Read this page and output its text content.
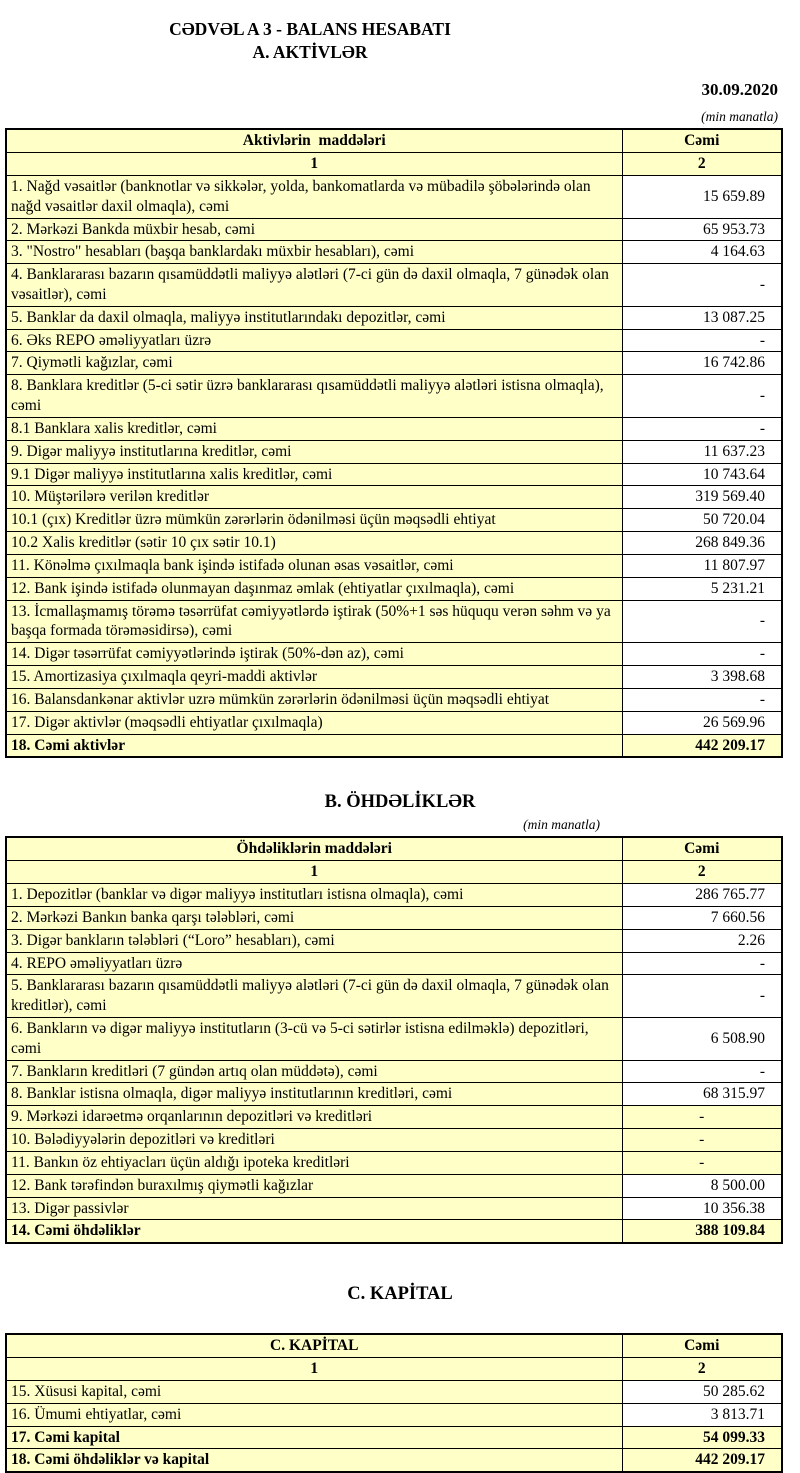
CƏDVƏL A 3 - BALANS HESABATI
A. AKTİVLƏR
30.09.2020
(min manatla)
Aktivlərin  maddələri	Cəmi
1	2
1. Nağd vəsaitlər (banknotlar və sikkələr, yolda, bankomatlarda və mübadilə şöbələrində olan nağd vəsaitlər daxil olmaqla), cəmi	15 659.89
2. Mərkəzi Bankda müxbir hesab, cəmi	65 953.73
3. "Nostro" hesabları (başqa banklardakı müxbir hesabları), cəmi	4 164.63
4. Banklararası bazarın qısamüddətli maliyyə alətləri (7-ci gün də daxil olmaqla, 7 günədək olan vəsaitlər), cəmi	-
5. Banklar da daxil olmaqla, maliyyə institutlarındakı depozitlər, cəmi	13 087.25
6. Əks REPO əməliyyatları üzrə	-
7. Qiymətli kağızlar, cəmi	16 742.86
8. Banklara kreditlər (5-ci sətir üzrə banklararası qısamüddətli maliyyə alətləri istisna olmaqla), cəmi	-
8.1 Banklara xalis kreditlər, cəmi	-
9. Digər maliyyə institutlarına kreditlər, cəmi	11 637.23
9.1 Digər maliyyə institutlarına xalis kreditlər, cəmi	10 743.64
10. Müştərilərə verilən kreditlər	319 569.40
10.1 (çıx) Kreditlər üzrə mümkün zərərlərin ödənilməsi üçün məqsədli ehtiyat	50 720.04
10.2 Xalis kreditlər (sətir 10 çıx sətir 10.1)	268 849.36
11. Könəlmə çıxılmaqla bank işində istifadə olunan əsas vəsaitlər, cəmi	11 807.97
12. Bank işində istifadə olunmayan daşınmaz əmlak (ehtiyatlar çıxılmaqla), cəmi	5 231.21
13. İcmallaşmamış törəmə təsərrüfat cəmiyyətlərdə iştirak (50%+1 səs hüququ verən səhm və ya başqa formada törəməsidirsə), cəmi	-
14. Digər təsərrüfat cəmiyyətlərində iştirak (50%-dən az), cəmi	-
15. Amortizasiya çıxılmaqla qeyri-maddi aktivlər	3 398.68
16. Balansdankənar aktivlər uzrə mümkün zərərlərin ödənilməsi üçün məqsədli ehtiyat	-
17. Digər aktivlər (məqsədli ehtiyatlar çıxılmaqla)	26 569.96
18. Cəmi aktivlər	442 209.17
B. ÖHDƏLİKLƏR
(min manatla)
Öhdəliklərin maddələri	Cəmi
1	2
1. Depozitlər (banklar və digər maliyyə institutları istisna olmaqla), cəmi	286 765.77
2. Mərkəzi Bankın banka qarşı tələbləri, cəmi	7 660.56
3. Digər bankların tələbləri (“Loro” hesabları), cəmi	2.26
4. REPO əməliyyatları üzrə	-
5. Banklararası bazarın qısamüddətli maliyyə alətləri (7-ci gün də daxil olmaqla, 7 günədək olan kreditlər), cəmi	-
6. Bankların və digər maliyyə institutların (3-cü və 5-ci sətirlər istisna edilməklə) depozitləri, cəmi	6 508.90
7. Bankların kreditləri (7 gündən artıq olan müddətə), cəmi	-
8. Banklar istisna olmaqla, digər maliyyə institutlarının kreditləri, cəmi	68 315.97
9. Mərkəzi idarəetmə orqanlarının depozitləri və kreditləri	-
10. Bələdiyyələrin depozitləri və kreditləri	-
11. Bankın öz ehtiyacları üçün aldığı ipoteka kreditləri	-
12. Bank tərəfindən buraxılmış qiymətli kağızlar	8 500.00
13. Digər passivlər	10 356.38
14. Cəmi öhdəliklər	388 109.84
C. KAPİTAL
C. KAPİTAL	Cəmi
1	2
15. Xüsusi kapital, cəmi	50 285.62
16. Ümumi ehtiyatlar, cəmi	3 813.71
17. Cəmi kapital	54 099.33
18. Cəmi öhdəliklər və kapital	442 209.17
